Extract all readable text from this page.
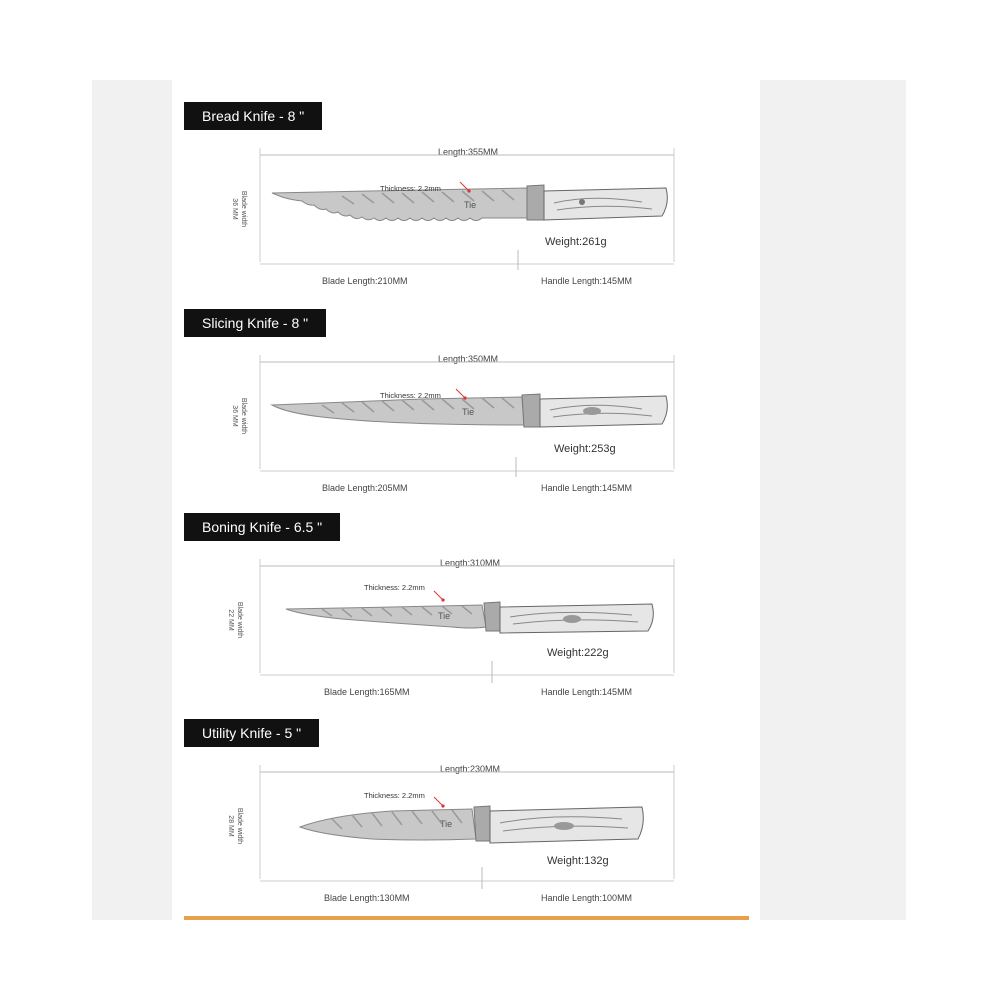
Bread Knife - 8 "
Length:355MM
Tie
Thickness: 2.2mm
Blade width
36 MM
Weight:261g
Blade Length:210MM	Handle Length:145MM
Slicing Knife - 8 "
Length:350MM
Tie
Thickness: 2.2mm
Blade width
36 MM
Weight:253g
Blade Length:205MM	Handle Length:145MM
Boning Knife - 6.5 "
Length:310MM
Tie
Thickness: 2.2mm
Blade width
22 MM
Weight:222g
Blade Length:165MM	Handle Length:145MM
Utility Knife - 5 "
Length:230MM
Tie
Thickness: 2.2mm
Blade width
28 MM
Weight:132g
Blade Length:130MM	Handle Length:100MM
